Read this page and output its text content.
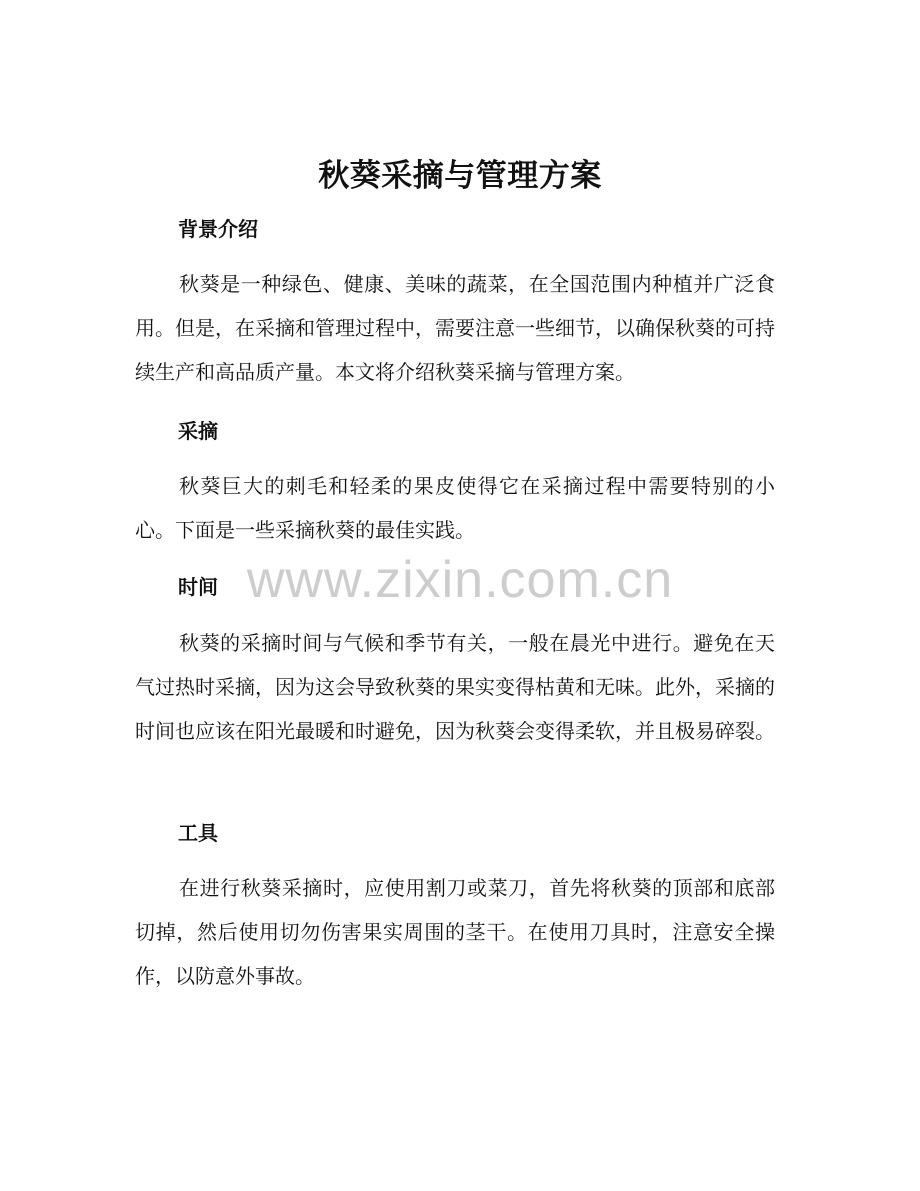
秋葵采摘与管理方案
背景介绍

秋葵是一种绿色、健康、美味的蔬菜，在全国范围内种植并广泛食用。但是，在采摘和管理过程中，需要注意一些细节，以确保秋葵的可持续生产和高品质产量。本文将介绍秋葵采摘与管理方案。

采摘

秋葵巨大的刺毛和轻柔的果皮使得它在采摘过程中需要特别的小心。下面是一些采摘秋葵的最佳实践。

时间

秋葵的采摘时间与气候和季节有关，一般在晨光中进行。避免在天气过热时采摘，因为这会导致秋葵的果实变得枯黄和无味。此外，采摘的时间也应该在阳光最暖和时避免，因为秋葵会变得柔软，并且极易碎裂。

工具

在进行秋葵采摘时，应使用割刀或菜刀，首先将秋葵的顶部和底部切掉，然后使用切勿伤害果实周围的茎干。在使用刀具时，注意安全操作，以防意外事故。

www.zixin.com.cn
